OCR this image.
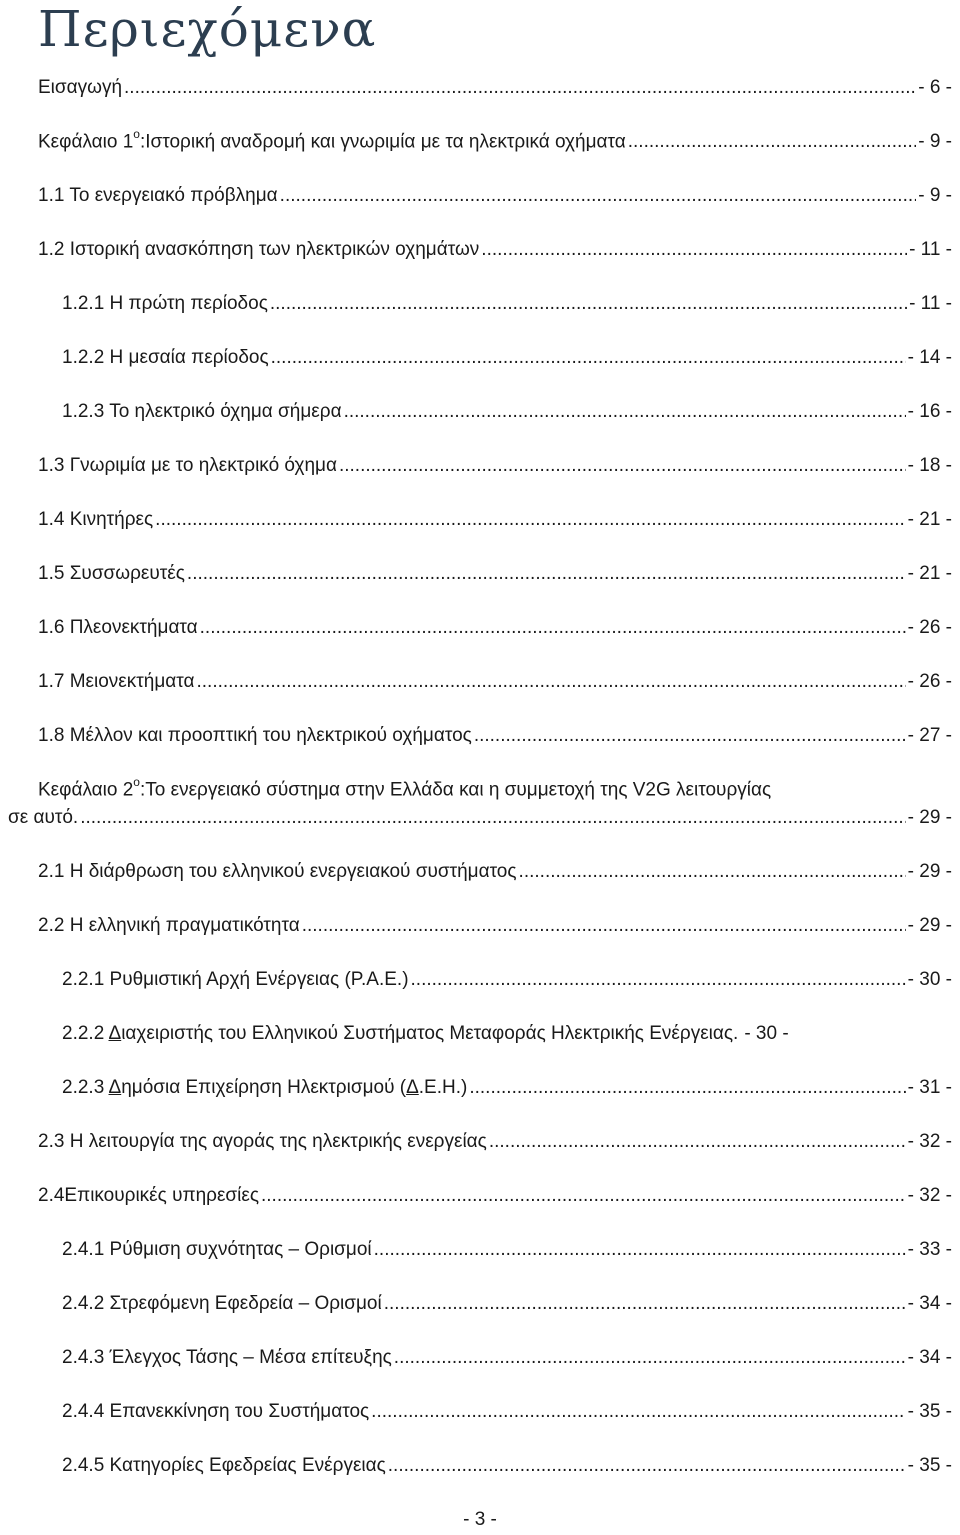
Περιεχόμενα
Εισαγωγή .....	- 6 -
Κεφάλαιο $1^o:I\sigma\tau o\rho\iota\kappa ή$ αναδρομή και γνωριμία με τα ηλεκτρικά οχήματα .....	- 9 -
1.1 Το ενεργειακό πρόβλημα .....	- 9 -
1.2 Ιστορική ανασκόπηση των ηλεκτρικών οχημάτων .....	- 11 -
1.2.1 Η πρώτη περίοδος .....	- 11 -
1.2.2 Η μεσαία περίοδος .....	- 14 -
1.2.3 Το ηλεκτρικό όχημα σήμερα .....	- 16 -
1.3 Γνωριμία με το ηλεκτρικό όχημα .....	- 18 -
1.4 Κινητήρες .....	- 21 -
1.5 Συσσωρευτές .....	- 21 -
1.6 Πλεονεκτήματα .....	- 26 -
1.7 Μειονεκτήματα .....	- 26 -
1.8 Μέλλον και προοπτική του ηλεκτρικού οχήματος .....	- 27 -
Κεφάλαιο $2^o:To$ ενεργειακό σύστημα στην Ελλάδα και η συμμετοχή της V2G λειτουργίας
σε αυτό. .....	- 29 -
2.1 Η διάρθρωση του ελληνικού ενεργειακού συστήματος .....	- 29 -
2.2 Η ελληνική πραγματικότητα .....	- 29 -
2.2.1 Ρυθμιστική Αρχή Ενέργειας (Ρ.Α.Ε.) .....	- 30 -
2.2.2 Διαχειριστής του Ελληνικού Συστήματος Μεταφοράς Ηλεκτρικής Ενέργειας. - 30 -
2.2.3 Δημόσια Επιχείρηση Ηλεκτρισμού (Δ.Ε.Η.) .....	- 31 -
2.3 Η λειτουργία της αγοράς της ηλεκτρικής ενεργείας .....	- 32 -
2.4Επικουρικές υπηρεσίες .....	- 32 -
2.4.1 Ρύθμιση συχνότητας – Ορισμοί .....	- 33 -
2.4.2 Στρεφόμενη Εφεδρεία – Ορισμοί .....	- 34 -
2.4.3 Έλεγχος Τάσης – Μέσα επίτευξης .....	- 34 -
2.4.4 Επανεκκίνηση του Συστήματος .....	- 35 -
2.4.5 Κατηγορίες Εφεδρείας Ενέργειας .....	- 35 -
- 3 -
